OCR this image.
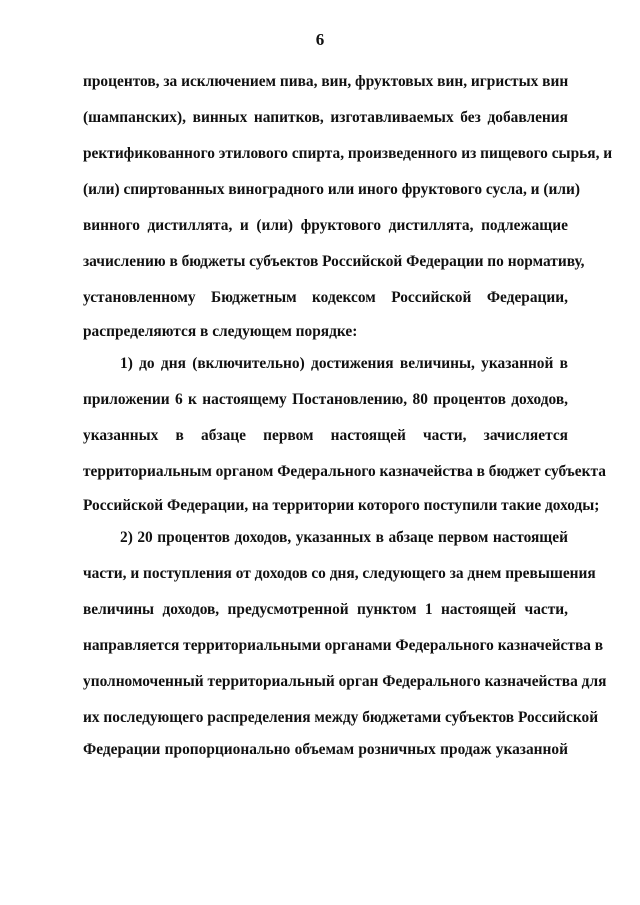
6
процентов, за исключением пива, вин, фруктовых вин, игристых вин
(шампанских), винных напитков, изготавливаемых без добавления
ректификованного этилового спирта, произведенного из пищевого сырья, и
(или) спиртованных виноградного или иного фруктового сусла, и (или)
винного дистиллята, и (или) фруктового дистиллята, подлежащие
зачислению в бюджеты субъектов Российской Федерации по нормативу,
установленному Бюджетным кодексом Российской Федерации,
распределяются в следующем порядке:
1) до дня (включительно) достижения величины, указанной в
приложении 6 к настоящему Постановлению, 80 процентов доходов,
указанных в абзаце первом настоящей части, зачисляется
территориальным органом Федерального казначейства в бюджет субъекта
Российской Федерации, на территории которого поступили такие доходы;
2) 20 процентов доходов, указанных в абзаце первом настоящей
части, и поступления от доходов со дня, следующего за днем превышения
величины доходов, предусмотренной пунктом 1 настоящей части,
направляется территориальными органами Федерального казначейства в
уполномоченный территориальный орган Федерального казначейства для
их последующего распределения между бюджетами субъектов Российской
Федерации пропорционально объемам розничных продаж указанной
